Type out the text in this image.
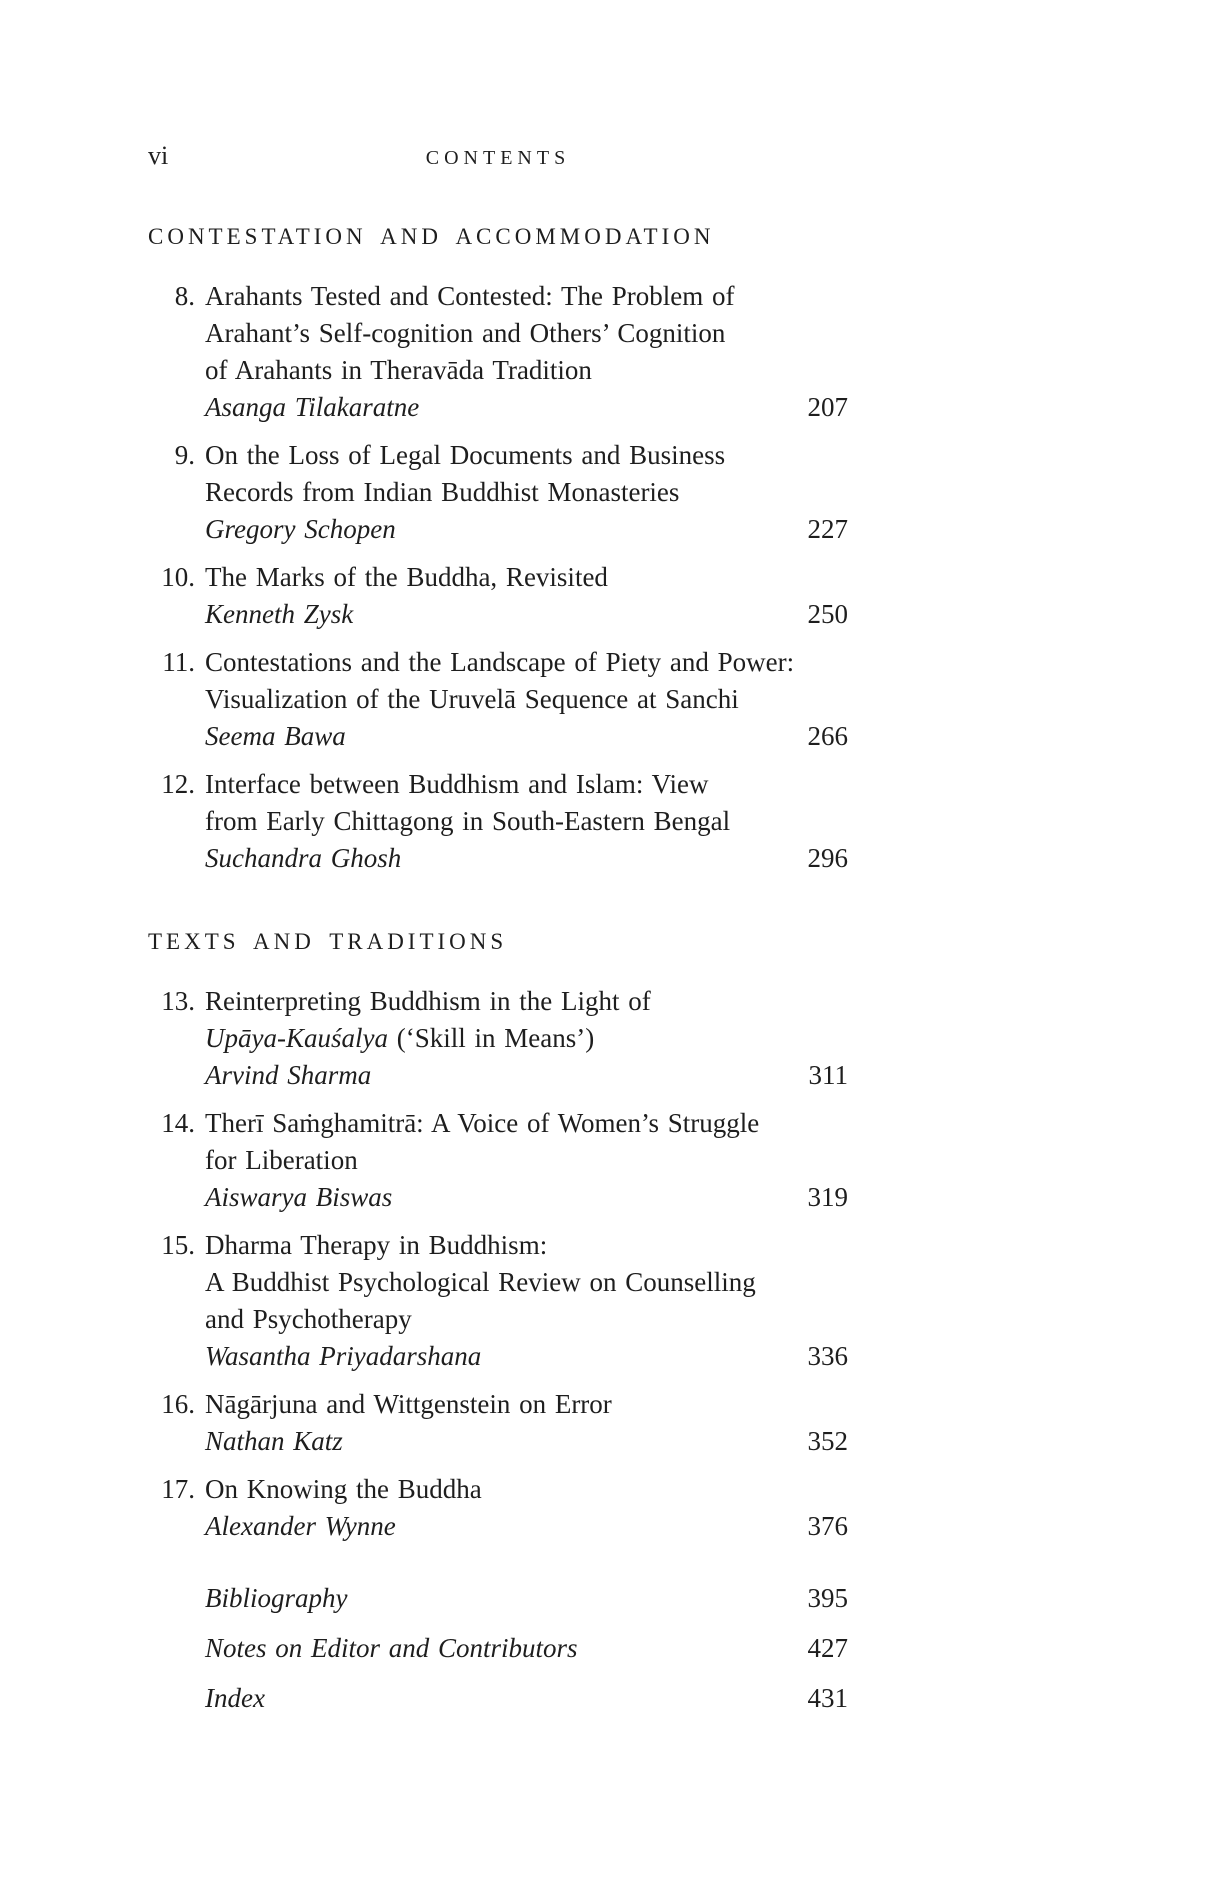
vi	CONTENTS
CONTESTATION AND ACCOMMODATION
8. Arahants Tested and Contested: The Problem of
Arahant’s Self-cognition and Others’ Cognition
of Arahants in Theravāda Tradition
Asanga Tilakaratne	207
9. On the Loss of Legal Documents and Business
Records from Indian Buddhist Monasteries
Gregory Schopen	227
10. The Marks of the Buddha, Revisited
Kenneth Zysk	250
11. Contestations and the Landscape of Piety and Power:
Visualization of the Uruvelā Sequence at Sanchi
Seema Bawa	266
12. Interface between Buddhism and Islam: View
from Early Chittagong in South-Eastern Bengal
Suchandra Ghosh	296
TEXTS AND TRADITIONS
13. Reinterpreting Buddhism in the Light of
Upāya-Kauśalya (‘Skill in Means’)
Arvind Sharma	311
14. Therī Saṁghamitrā: A Voice of Women’s Struggle
for Liberation
Aiswarya Biswas	319
15. Dharma Therapy in Buddhism:
A Buddhist Psychological Review on Counselling
and Psychotherapy
Wasantha Priyadarshana	336
16. Nāgārjuna and Wittgenstein on Error
Nathan Katz	352
17. On Knowing the Buddha
Alexander Wynne	376
Bibliography	395
Notes on Editor and Contributors	427
Index	431
